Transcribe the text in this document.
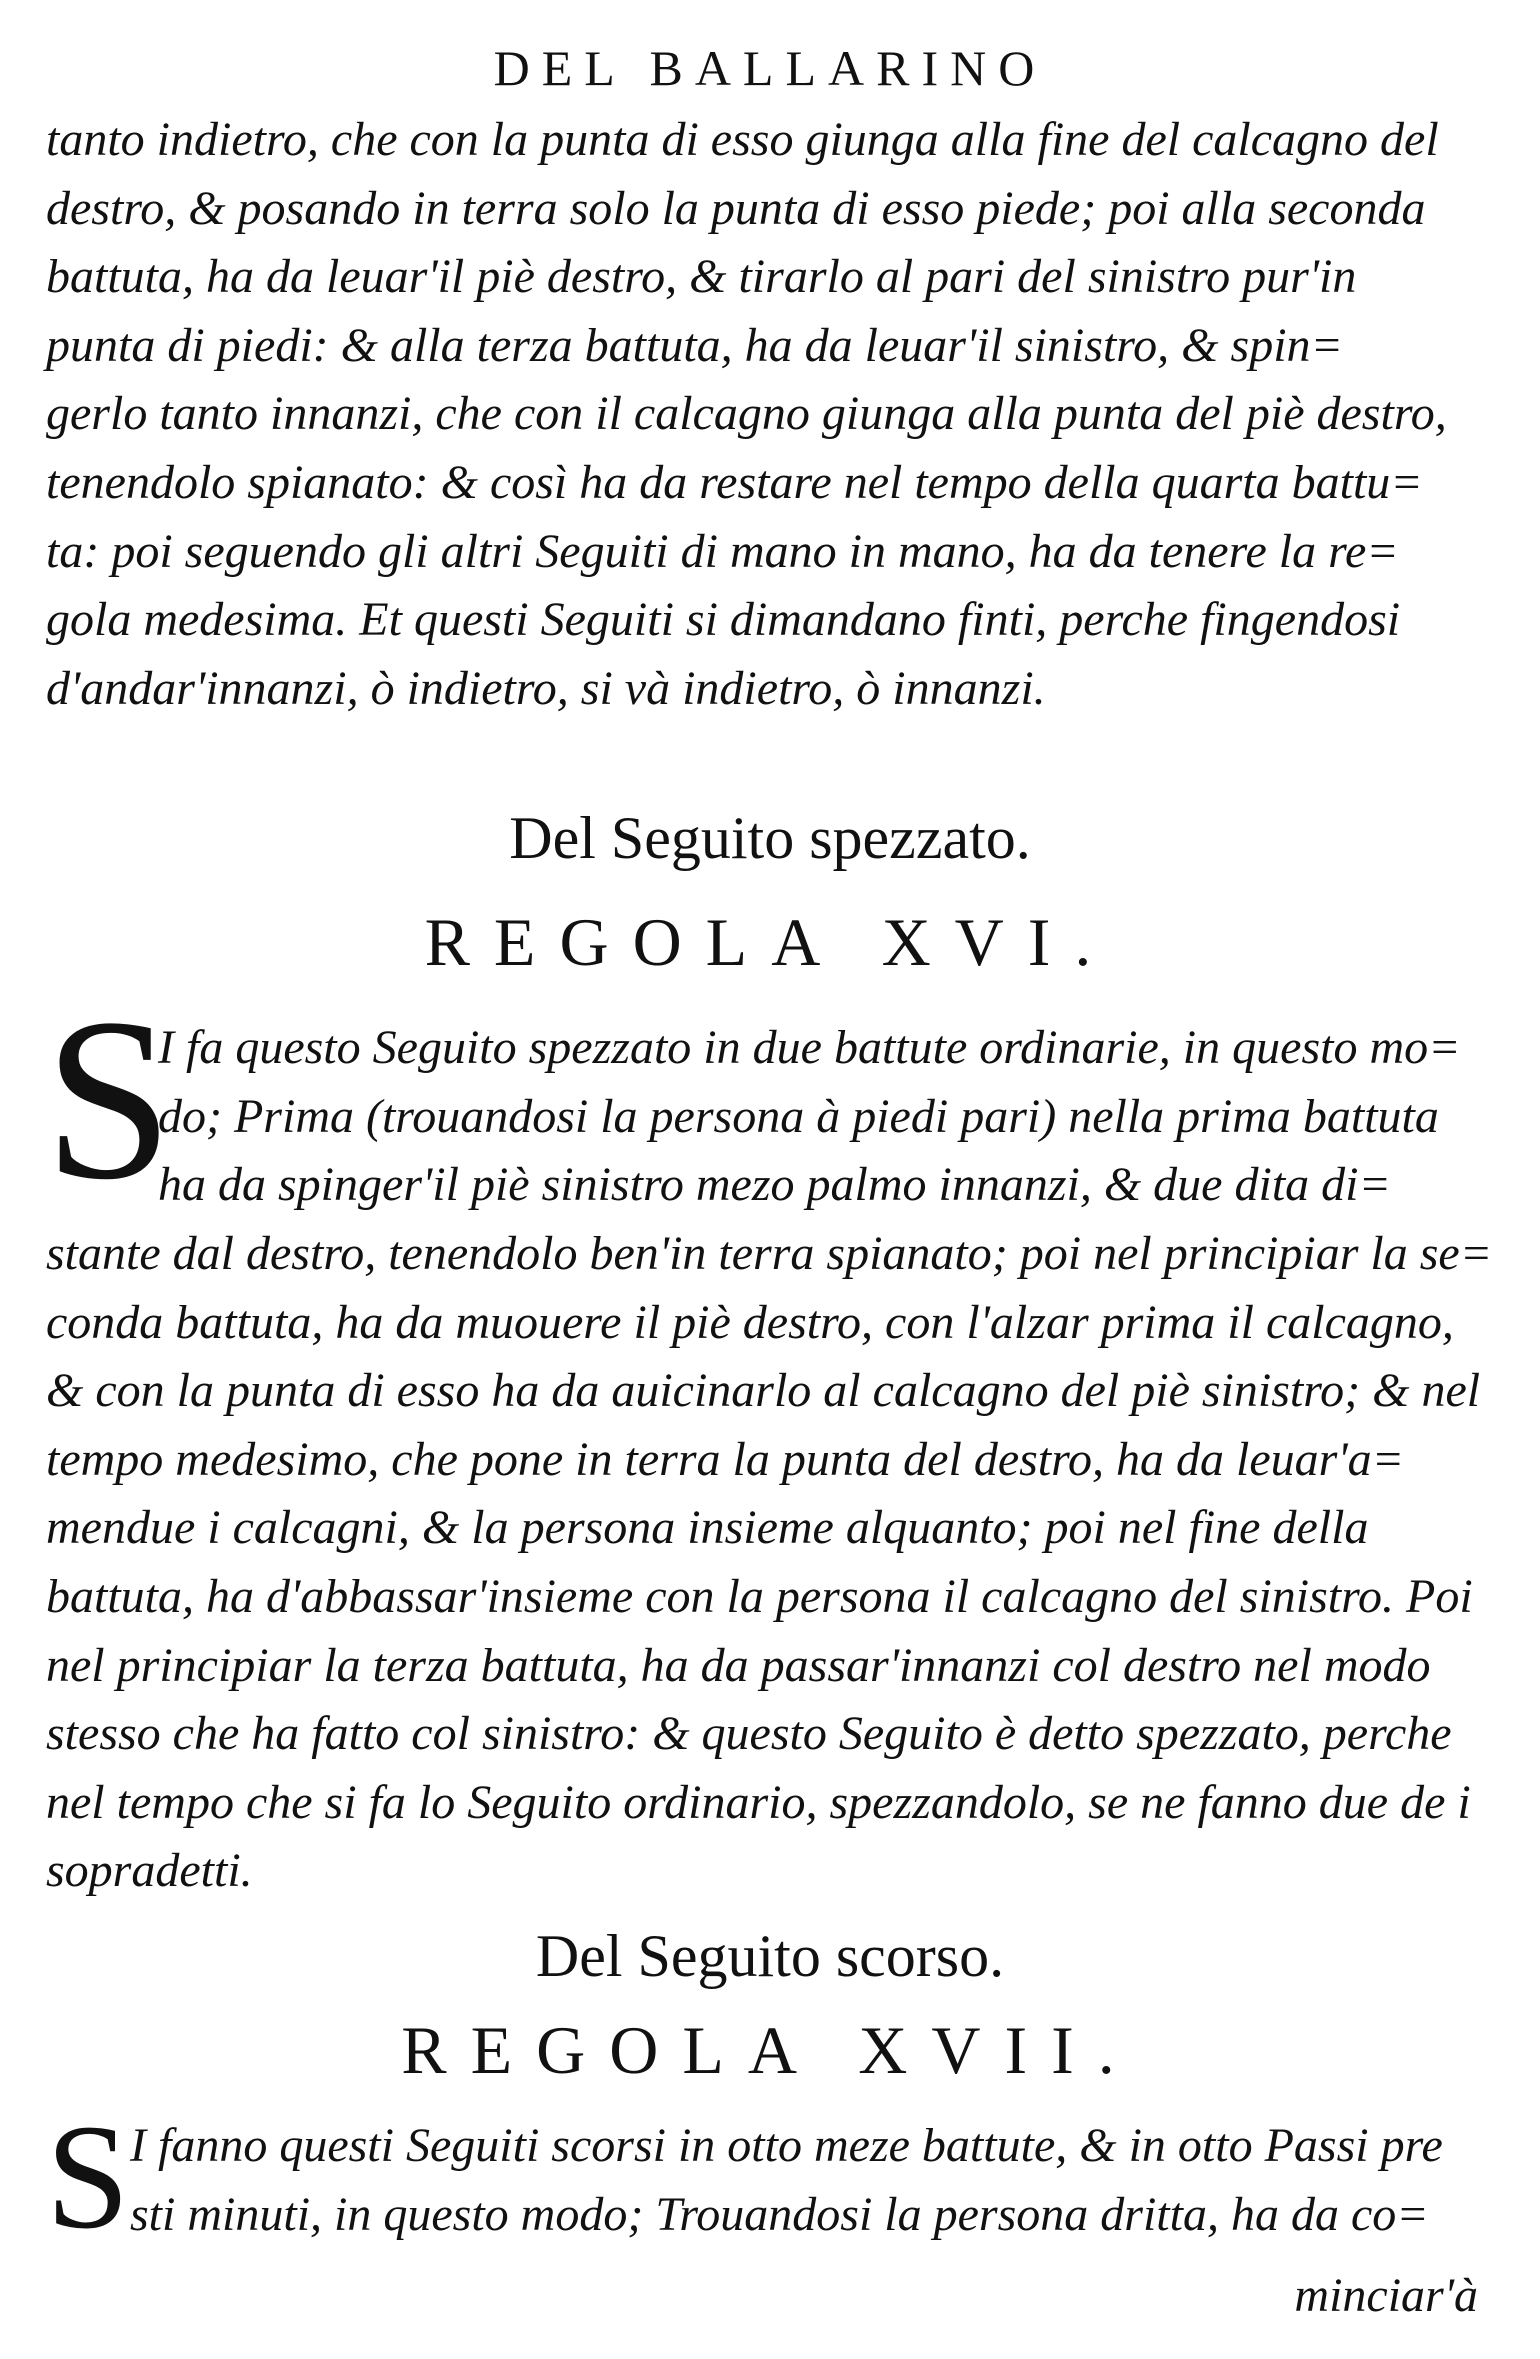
DEL BALLARINO
tanto indietro, che con la punta di esso giunga alla fine del calcagno del
destro, & posando in terra solo la punta di esso piede; poi alla seconda
battuta, ha da leuar'il piè destro, & tirarlo al pari del sinistro pur'in
punta di piedi: & alla terza battuta, ha da leuar'il sinistro, & spin=
gerlo tanto innanzi, che con il calcagno giunga alla punta del piè destro,
tenendolo spianato: & così ha da restare nel tempo della quarta battu=
ta: poi seguendo gli altri Seguiti di mano in mano, ha da tenere la re=
gola medesima. Et questi Seguiti si dimandano finti, perche fingendosi
d'andar'innanzi, ò indietro, si và indietro, ò innanzi.
Del Seguito spezzato.
REGOLA XVI.
S
I fa questo Seguito spezzato in due battute ordinarie, in questo mo=
do; Prima (trouandosi la persona à piedi pari) nella prima battuta
ha da spinger'il piè sinistro mezo palmo innanzi, & due dita di=
stante dal destro, tenendolo ben'in terra spianato; poi nel principiar la se=
conda battuta, ha da muouere il piè destro, con l'alzar prima il calcagno,
& con la punta di esso ha da auicinarlo al calcagno del piè sinistro; & nel
tempo medesimo, che pone in terra la punta del destro, ha da leuar'a=
mendue i calcagni, & la persona insieme alquanto; poi nel fine della
battuta, ha d'abbassar'insieme con la persona il calcagno del sinistro. Poi
nel principiar la terza battuta, ha da passar'innanzi col destro nel modo
stesso che ha fatto col sinistro: & questo Seguito è detto spezzato, perche
nel tempo che si fa lo Seguito ordinario, spezzandolo, se ne fanno due de i
sopradetti.
Del Seguito scorso.
REGOLA XVII.
S I fanno questi Seguiti scorsi in otto meze battute, & in otto Passi pre
sti minuti, in questo modo; Trouandosi la persona dritta, ha da co=
minciar'à
